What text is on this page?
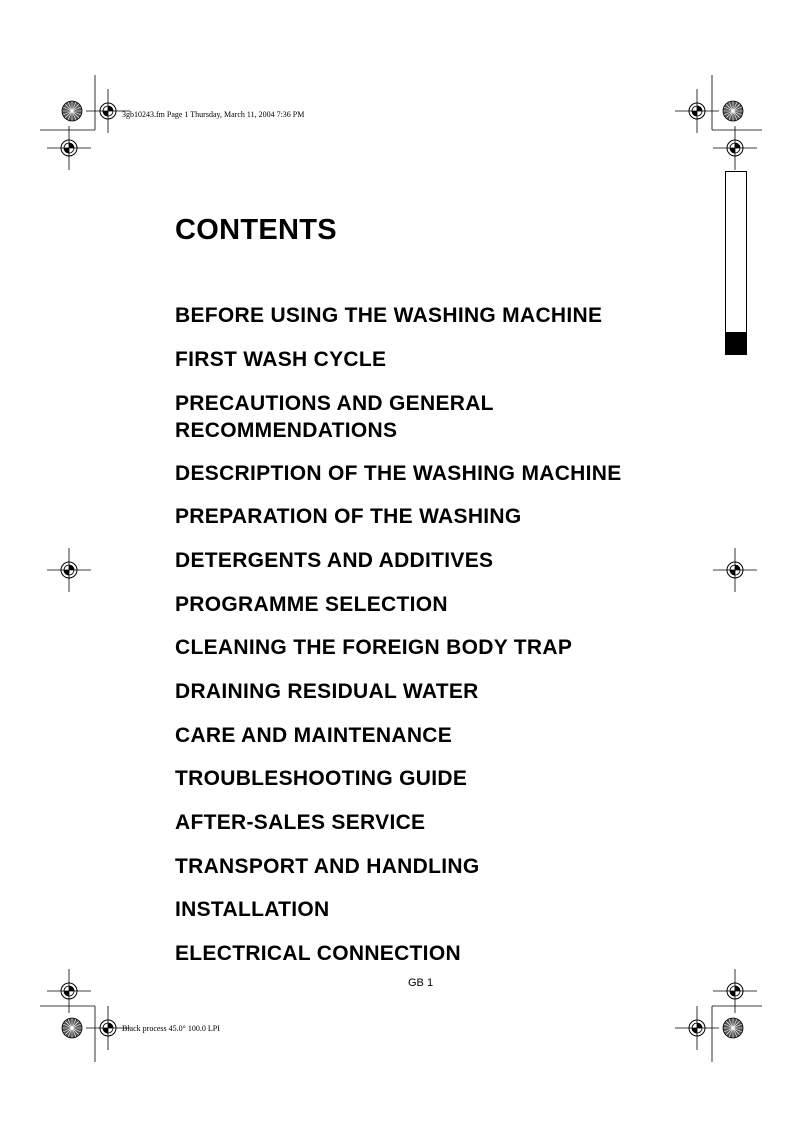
3gb10243.fm Page 1 Thursday, March 11, 2004 7:36 PM
Black process 45.0° 100.0 LPI
CONTENTS
BEFORE USING THE WASHING MACHINE
FIRST WASH CYCLE
PRECAUTIONS AND GENERAL RECOMMENDATIONS
DESCRIPTION OF THE WASHING MACHINE
PREPARATION OF THE WASHING
DETERGENTS AND ADDITIVES
PROGRAMME SELECTION
CLEANING THE FOREIGN BODY TRAP
DRAINING RESIDUAL WATER
CARE AND MAINTENANCE
TROUBLESHOOTING GUIDE
AFTER-SALES SERVICE
TRANSPORT AND HANDLING
INSTALLATION
ELECTRICAL CONNECTION
GB 1
